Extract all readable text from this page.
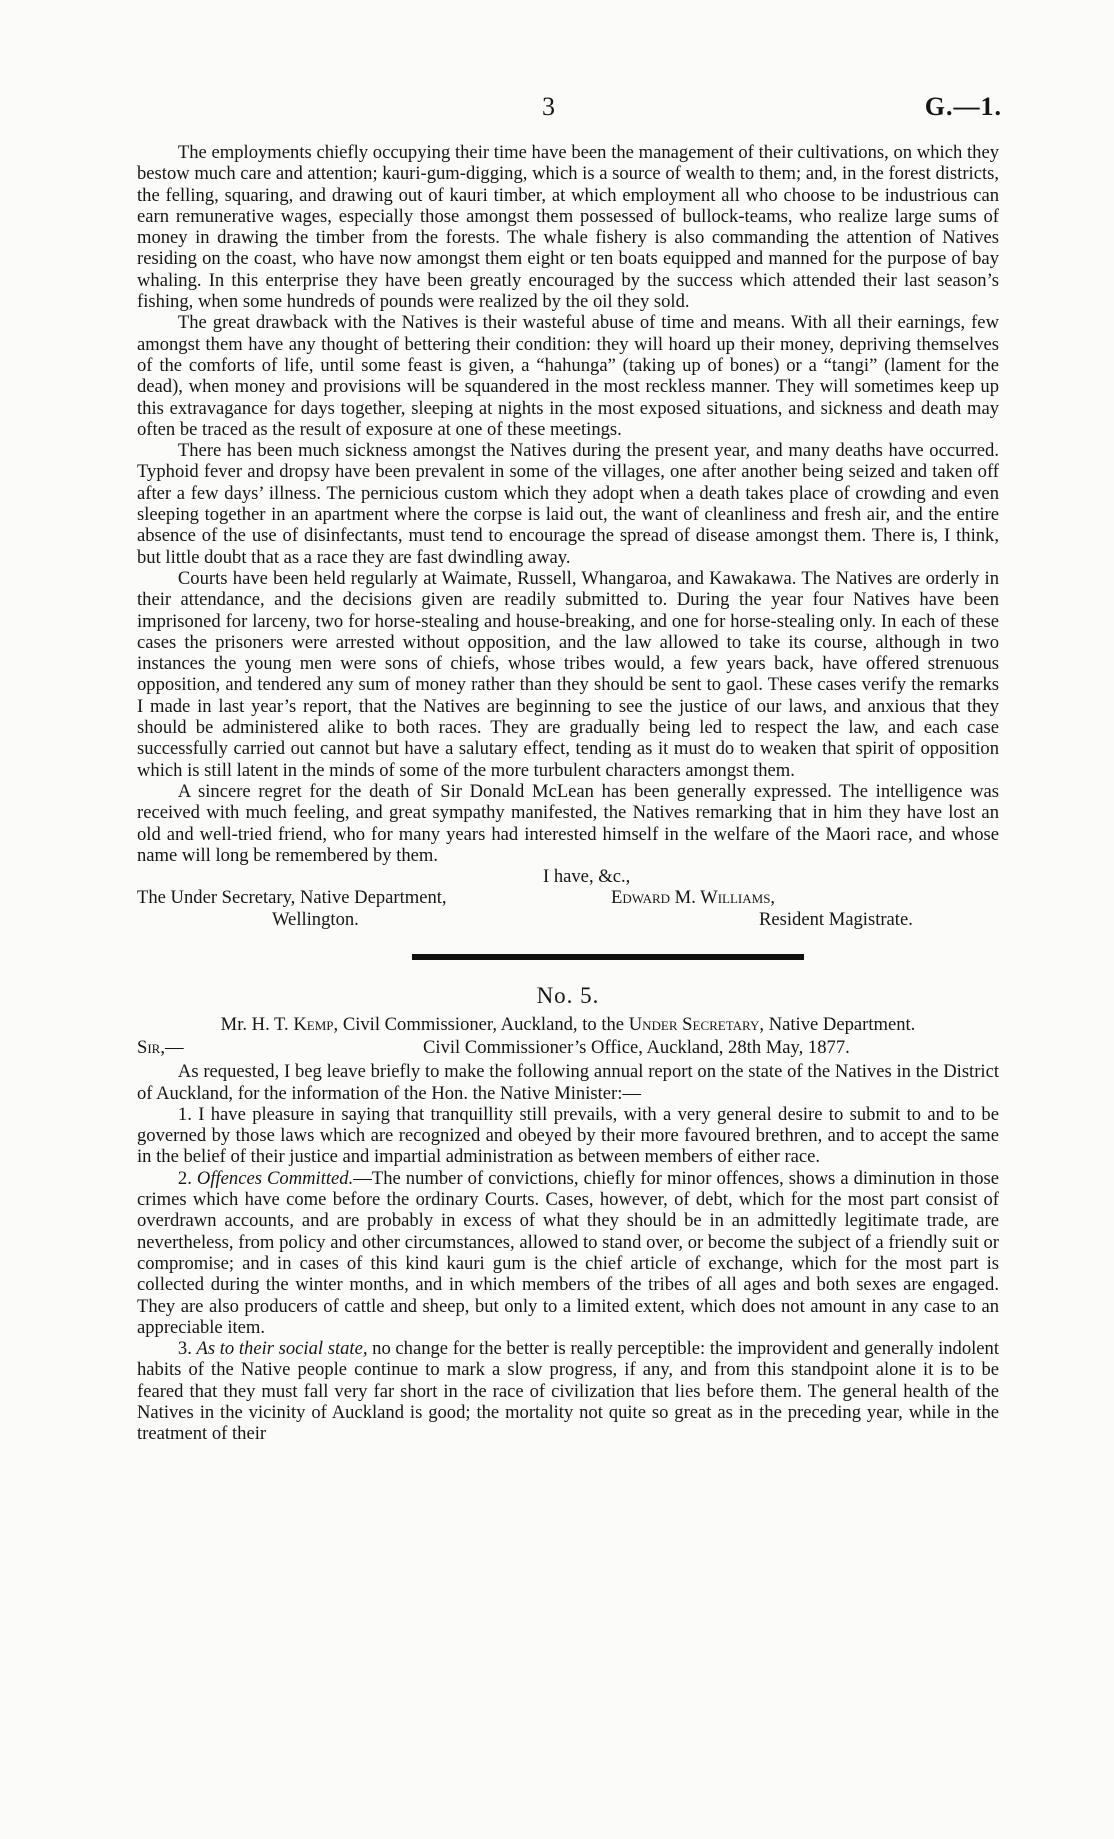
3	G.—1.

The employments chiefly occupying their time have been the management of their cultivations, on which they bestow much care and attention; kauri-gum-digging, which is a source of wealth to them; and, in the forest districts, the felling, squaring, and drawing out of kauri timber, at which employment all who choose to be industrious can earn remunerative wages, especially those amongst them possessed of bullock-teams, who realize large sums of money in drawing the timber from the forests. The whale fishery is also commanding the attention of Natives residing on the coast, who have now amongst them eight or ten boats equipped and manned for the purpose of bay whaling. In this enterprise they have been greatly encouraged by the success which attended their last season’s fishing, when some hundreds of pounds were realized by the oil they sold.

The great drawback with the Natives is their wasteful abuse of time and means. With all their earnings, few amongst them have any thought of bettering their condition: they will hoard up their money, depriving themselves of the comforts of life, until some feast is given, a “hahunga” (taking up of bones) or a “tangi” (lament for the dead), when money and provisions will be squandered in the most reckless manner. They will sometimes keep up this extravagance for days together, sleeping at nights in the most exposed situations, and sickness and death may often be traced as the result of exposure at one of these meetings.

There has been much sickness amongst the Natives during the present year, and many deaths have occurred. Typhoid fever and dropsy have been prevalent in some of the villages, one after another being seized and taken off after a few days’ illness. The pernicious custom which they adopt when a death takes place of crowding and even sleeping together in an apartment where the corpse is laid out, the want of cleanliness and fresh air, and the entire absence of the use of disinfectants, must tend to encourage the spread of disease amongst them. There is, I think, but little doubt that as a race they are fast dwindling away.

Courts have been held regularly at Waimate, Russell, Whangaroa, and Kawakawa. The Natives are orderly in their attendance, and the decisions given are readily submitted to. During the year four Natives have been imprisoned for larceny, two for horse-stealing and house-breaking, and one for horse-stealing only. In each of these cases the prisoners were arrested without opposition, and the law allowed to take its course, although in two instances the young men were sons of chiefs, whose tribes would, a few years back, have offered strenuous opposition, and tendered any sum of money rather than they should be sent to gaol. These cases verify the remarks I made in last year’s report, that the Natives are beginning to see the justice of our laws, and anxious that they should be administered alike to both races. They are gradually being led to respect the law, and each case successfully carried out cannot but have a salutary effect, tending as it must do to weaken that spirit of opposition which is still latent in the minds of some of the more turbulent characters amongst them.

A sincere regret for the death of Sir Donald McLean has been generally expressed. The intelligence was received with much feeling, and great sympathy manifested, the Natives remarking that in him they have lost an old and well-tried friend, who for many years had interested himself in the welfare of the Maori race, and whose name will long be remembered by them.

I have, &c.,
The Under Secretary, Native Department,	Edward M. Williams,
Wellington.	Resident Magistrate.
No. 5.
Mr. H. T. Kemp, Civil Commissioner, Auckland, to the Under Secretary, Native Department.
Sir,—	Civil Commissioner’s Office, Auckland, 28th May, 1877.

As requested, I beg leave briefly to make the following annual report on the state of the Natives in the District of Auckland, for the information of the Hon. the Native Minister:—

1. I have pleasure in saying that tranquillity still prevails, with a very general desire to submit to and to be governed by those laws which are recognized and obeyed by their more favoured brethren, and to accept the same in the belief of their justice and impartial administration as between members of either race.

2. Offences Committed.—The number of convictions, chiefly for minor offences, shows a diminution in those crimes which have come before the ordinary Courts. Cases, however, of debt, which for the most part consist of overdrawn accounts, and are probably in excess of what they should be in an admittedly legitimate trade, are nevertheless, from policy and other circumstances, allowed to stand over, or become the subject of a friendly suit or compromise; and in cases of this kind kauri gum is the chief article of exchange, which for the most part is collected during the winter months, and in which members of the tribes of all ages and both sexes are engaged. They are also producers of cattle and sheep, but only to a limited extent, which does not amount in any case to an appreciable item.

3. As to their social state, no change for the better is really perceptible: the improvident and generally indolent habits of the Native people continue to mark a slow progress, if any, and from this standpoint alone it is to be feared that they must fall very far short in the race of civilization that lies before them. The general health of the Natives in the vicinity of Auckland is good; the mortality not quite so great as in the preceding year, while in the treatment of their
